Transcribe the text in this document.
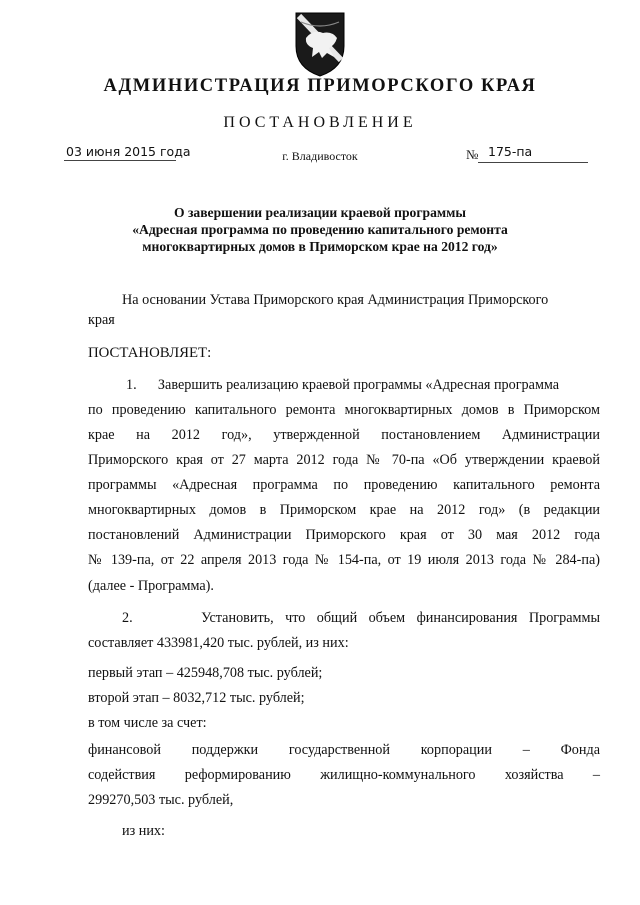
АДМИНИСТРАЦИЯ ПРИМОРСКОГО КРАЯ
ПОСТАНОВЛЕНИЕ
03 июня 2015 года	г. Владивосток	№ 175-па
О завершении реализации краевой программы
«Адресная программа по проведению капитального ремонта
многоквартирных домов в Приморском крае на 2012 год»
На основании Устава Приморского края Администрация Приморского
края
ПОСТАНОВЛЯЕТ:
1.      Завершить реализацию краевой программы «Адресная программа
по проведению капитального ремонта многоквартирных домов в Приморском
крае на 2012 год», утвержденной постановлением Администрации
Приморского края от 27 марта 2012 года № 70-па «Об утверждении краевой
программы «Адресная программа по проведению капитального ремонта
многоквартирных домов в Приморском крае на 2012 год» (в редакции
постановлений Администрации Приморского края от 30 мая 2012 года
№ 139-па, от 22 апреля 2013 года № 154-па, от 19 июля 2013 года № 284-па)
(далее - Программа).
2.      Установить, что общий объем финансирования Программы
составляет 433981,420 тыс. рублей, из них:
первый этап – 425948,708 тыс. рублей;
второй этап – 8032,712 тыс. рублей;
в том числе за счет:
финансовой поддержки государственной корпорации – Фонда
содействия реформированию жилищно-коммунального хозяйства –
299270,503 тыс. рублей,
из них:
